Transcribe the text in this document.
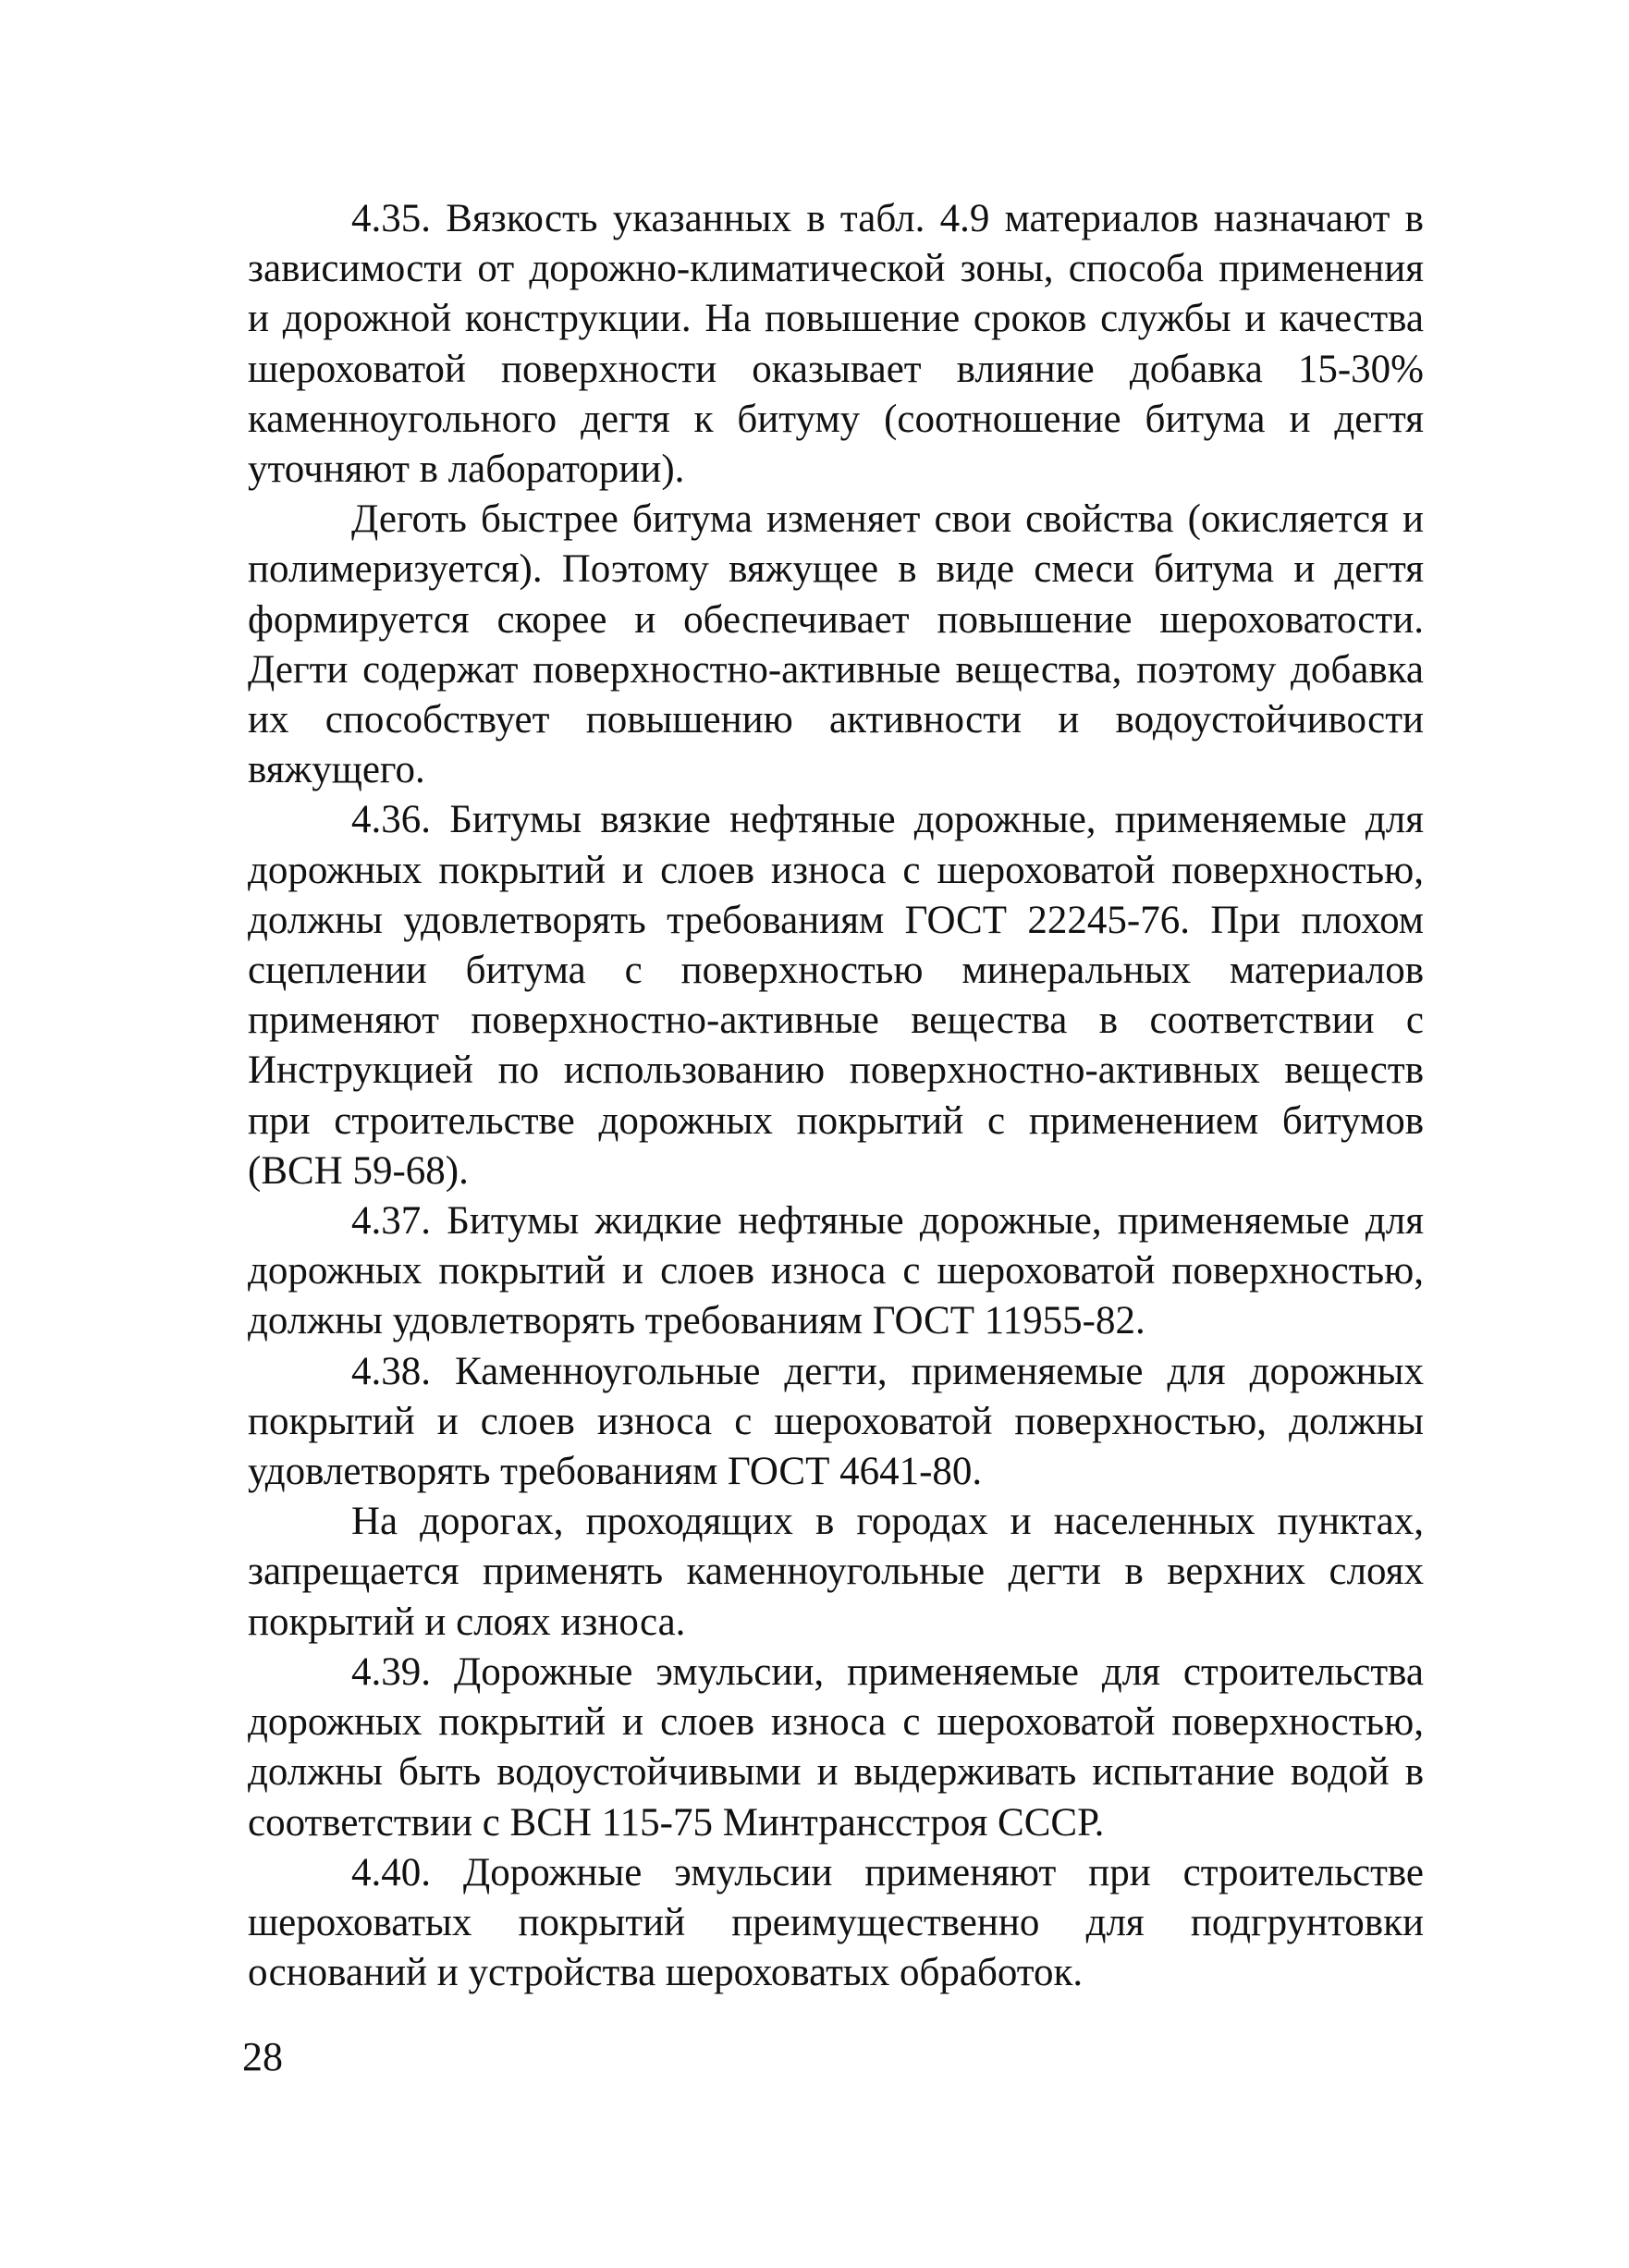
4.35. Вязкость указанных в табл. 4.9 материалов назначают в зависимости от дорожно-климатической зоны, способа применения и дорожной конструкции. На повышение сроков службы и качества шероховатой поверхности оказывает влияние добавка 15-30% каменноугольного дегтя к битуму (соотношение битума и дегтя уточняют в лаборатории).

Деготь быстрее битума изменяет свои свойства (окисляется и полимеризуется). Поэтому вяжущее в виде смеси битума и дегтя формируется скорее и обеспечивает повышение шероховатости. Дегти содержат поверхностно-активные вещества, поэтому добавка их способствует повышению активности и водоустойчивости вяжущего.

4.36. Битумы вязкие нефтяные дорожные, применяемые для дорожных покрытий и слоев износа с шероховатой поверхностью, должны удовлетворять требованиям ГОСТ 22245-76. При плохом сцеплении битума с поверхностью минеральных материалов применяют поверхностно-активные вещества в соответствии с Инструкцией по использованию поверхностно-активных веществ при строительстве дорожных покрытий с применением битумов (ВСН 59-68).

4.37. Битумы жидкие нефтяные дорожные, применяемые для дорожных покрытий и слоев износа с шероховатой поверхностью, должны удовлетворять требованиям ГОСТ 11955-82.

4.38. Каменноугольные дегти, применяемые для дорожных покрытий и слоев износа с шероховатой поверхностью, должны удовлетворять требованиям ГОСТ 4641-80.

На дорогах, проходящих в городах и населенных пунктах, запрещается применять каменноугольные дегти в верхних слоях покрытий и слоях износа.

4.39. Дорожные эмульсии, применяемые для строительства дорожных покрытий и слоев износа с шероховатой поверхностью, должны быть водоустойчивыми и выдерживать испытание водой в соответствии с ВСН 115-75 Минтрансстроя СССР.

4.40. Дорожные эмульсии применяют при строительстве шероховатых покрытий преимущественно для подгрунтовки оснований и устройства шероховатых обработок.

28
